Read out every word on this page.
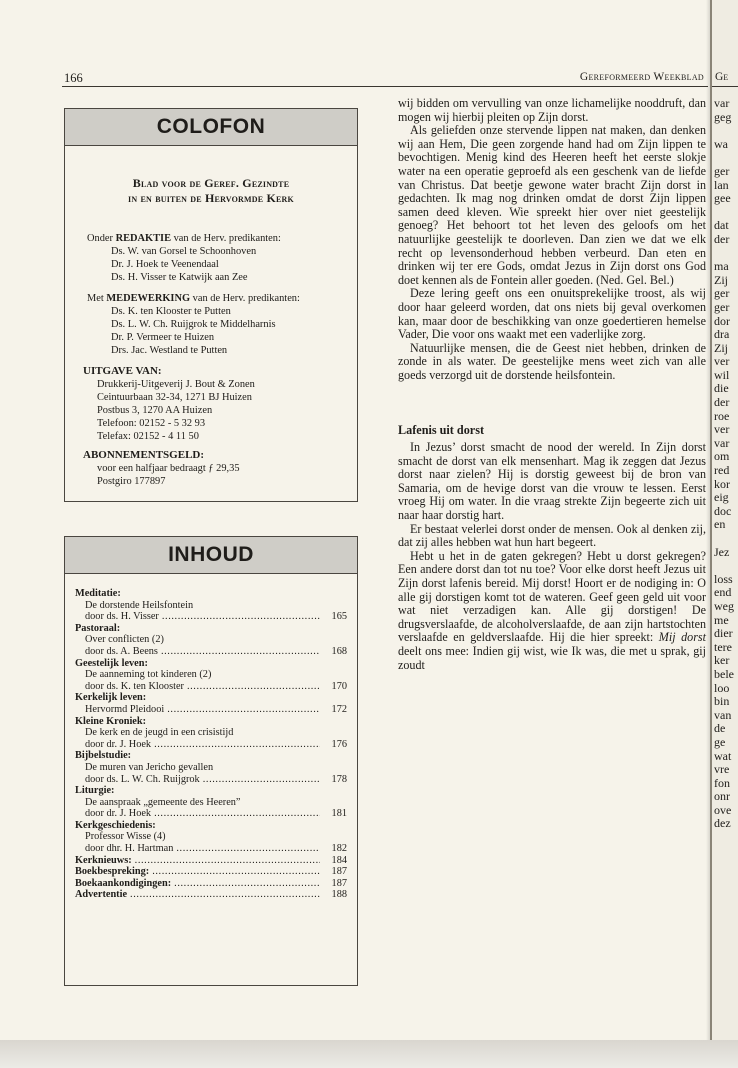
166	Gereformeerd Weekblad
COLOFON
Blad voor de Geref. Gezindte
in en buiten de Hervormde Kerk
Onder REDAKTIE van de Herv. predikanten:
Ds. W. van Gorsel te Schoonhoven
Dr. J. Hoek te Veenendaal
Ds. H. Visser te Katwijk aan Zee
Met MEDEWERKING van de Herv. predikanten:
Ds. K. ten Klooster te Putten
Ds. L. W. Ch. Ruijgrok te Middelharnis
Dr. P. Vermeer te Huizen
Drs. Jac. Westland te Putten
UITGAVE VAN:
Drukkerij-Uitgeverij J. Bout & Zonen
Ceintuurbaan 32-34, 1271 BJ Huizen
Postbus 3, 1270 AA Huizen
Telefoon: 02152 - 5 32 93
Telefax: 02152 - 4 11 50
ABONNEMENTSGELD:
voor een halfjaar bedraagt ƒ 29,35
Postgiro 177897
INHOUD
Meditatie:
De dorstende Heilsfontein
door ds. H. Visser .....	165
Pastoraal:
Over conflicten (2)
door ds. A. Beens .....	168
Geestelijk leven:
De aanneming tot kinderen (2)
door ds. K. ten Klooster .....	170
Kerkelijk leven:
Hervormd Pleidooi .....	172
Kleine Kroniek:
De kerk en de jeugd in een crisistijd
door dr. J. Hoek .....	176
Bijbelstudie:
De muren van Jericho gevallen
door ds. L. W. Ch. Ruijgrok .....	178
Liturgie:
De aanspraak „gemeente des Heeren”
door dr. J. Hoek .....	181
Kerkgeschiedenis:
Professor Wisse (4)
door dhr. H. Hartman .....	182
Kerknieuws: .....	184
Boekbespreking: .....	187
Boekaankondigingen: .....	187
Advertentie .....	188

wij bidden om vervulling van onze lichamelijke nooddruft, dan mogen wij hierbij pleiten op Zijn dorst.

Als geliefden onze stervende lippen nat maken, dan denken wij aan Hem, Die geen zorgende hand had om Zijn lippen te bevochtigen. Menig kind des Heeren heeft het eerste slokje water na een operatie geproefd als een geschenk van de liefde van Christus. Dat beetje gewone water bracht Zijn dorst in gedachten. Ik mag nog drinken omdat de dorst Zijn lippen samen deed kleven. Wie spreekt hier over niet geestelijk genoeg? Het behoort tot het leven des geloofs om het natuurlijke geestelijk te doorleven. Dan zien we dat we elk recht op levensonderhoud hebben verbeurd. Dan eten en drinken wij ter ere Gods, omdat Jezus in Zijn dorst ons God doet kennen als de Fontein aller goeden. (Ned. Gel. Bel.)

Deze lering geeft ons een onuitsprekelijke troost, als wij door haar geleerd worden, dat ons niets bij geval overkomen kan, maar door de beschikking van onze goedertieren hemelse Vader, Die voor ons waakt met een vaderlijke zorg.

Natuurlijke mensen, die de Geest niet hebben, drinken de zonde in als water. De geestelijke mens weet zich van alle goeds verzorgd uit de dorstende heilsfontein.

Lafenis uit dorst

In Jezus’ dorst smacht de nood der wereld. In Zijn dorst smacht de dorst van elk mensenhart. Mag ik zeggen dat Jezus dorst naar zielen? Hij is dorstig geweest bij de bron van Samaria, om de hevige dorst van die vrouw te lessen. Eerst vroeg Hij om water. In die vraag strekte Zijn begeerte zich uit naar haar dorstig hart.

Er bestaat velerlei dorst onder de mensen. Ook al denken zij, dat zij alles hebben wat hun hart begeert.

Hebt u het in de gaten gekregen? Hebt u dorst gekregen? Een andere dorst dan tot nu toe? Voor elke dorst heeft Jezus uit Zijn dorst lafenis bereid. Mij dorst! Hoort er de nodiging in: O alle gij dorstigen komt tot de wateren. Geef geen geld uit voor wat niet verzadigen kan. Alle gij dorstigen! De drugsverslaafde, de alcoholverslaafde, de aan zijn hartstochten verslaafde en geldverslaafde. Hij die hier spreekt: Mij dorst deelt ons mee: Indien gij wist, wie Ik was, die met u sprak, gij zoudt

Ge
var
geg
wa
ger
lan
gee
dat
der
ma
Zij
ger
ger
dor
dra
Zij
ver
wil
die
der
roe
ver
var
om
red
kor
eig
doc
en
Jez
loss
end
weg
me
dier
tere
ker
bele
loo
bin
van
de
ge
wat
vre
fon
onr
ove
dez
